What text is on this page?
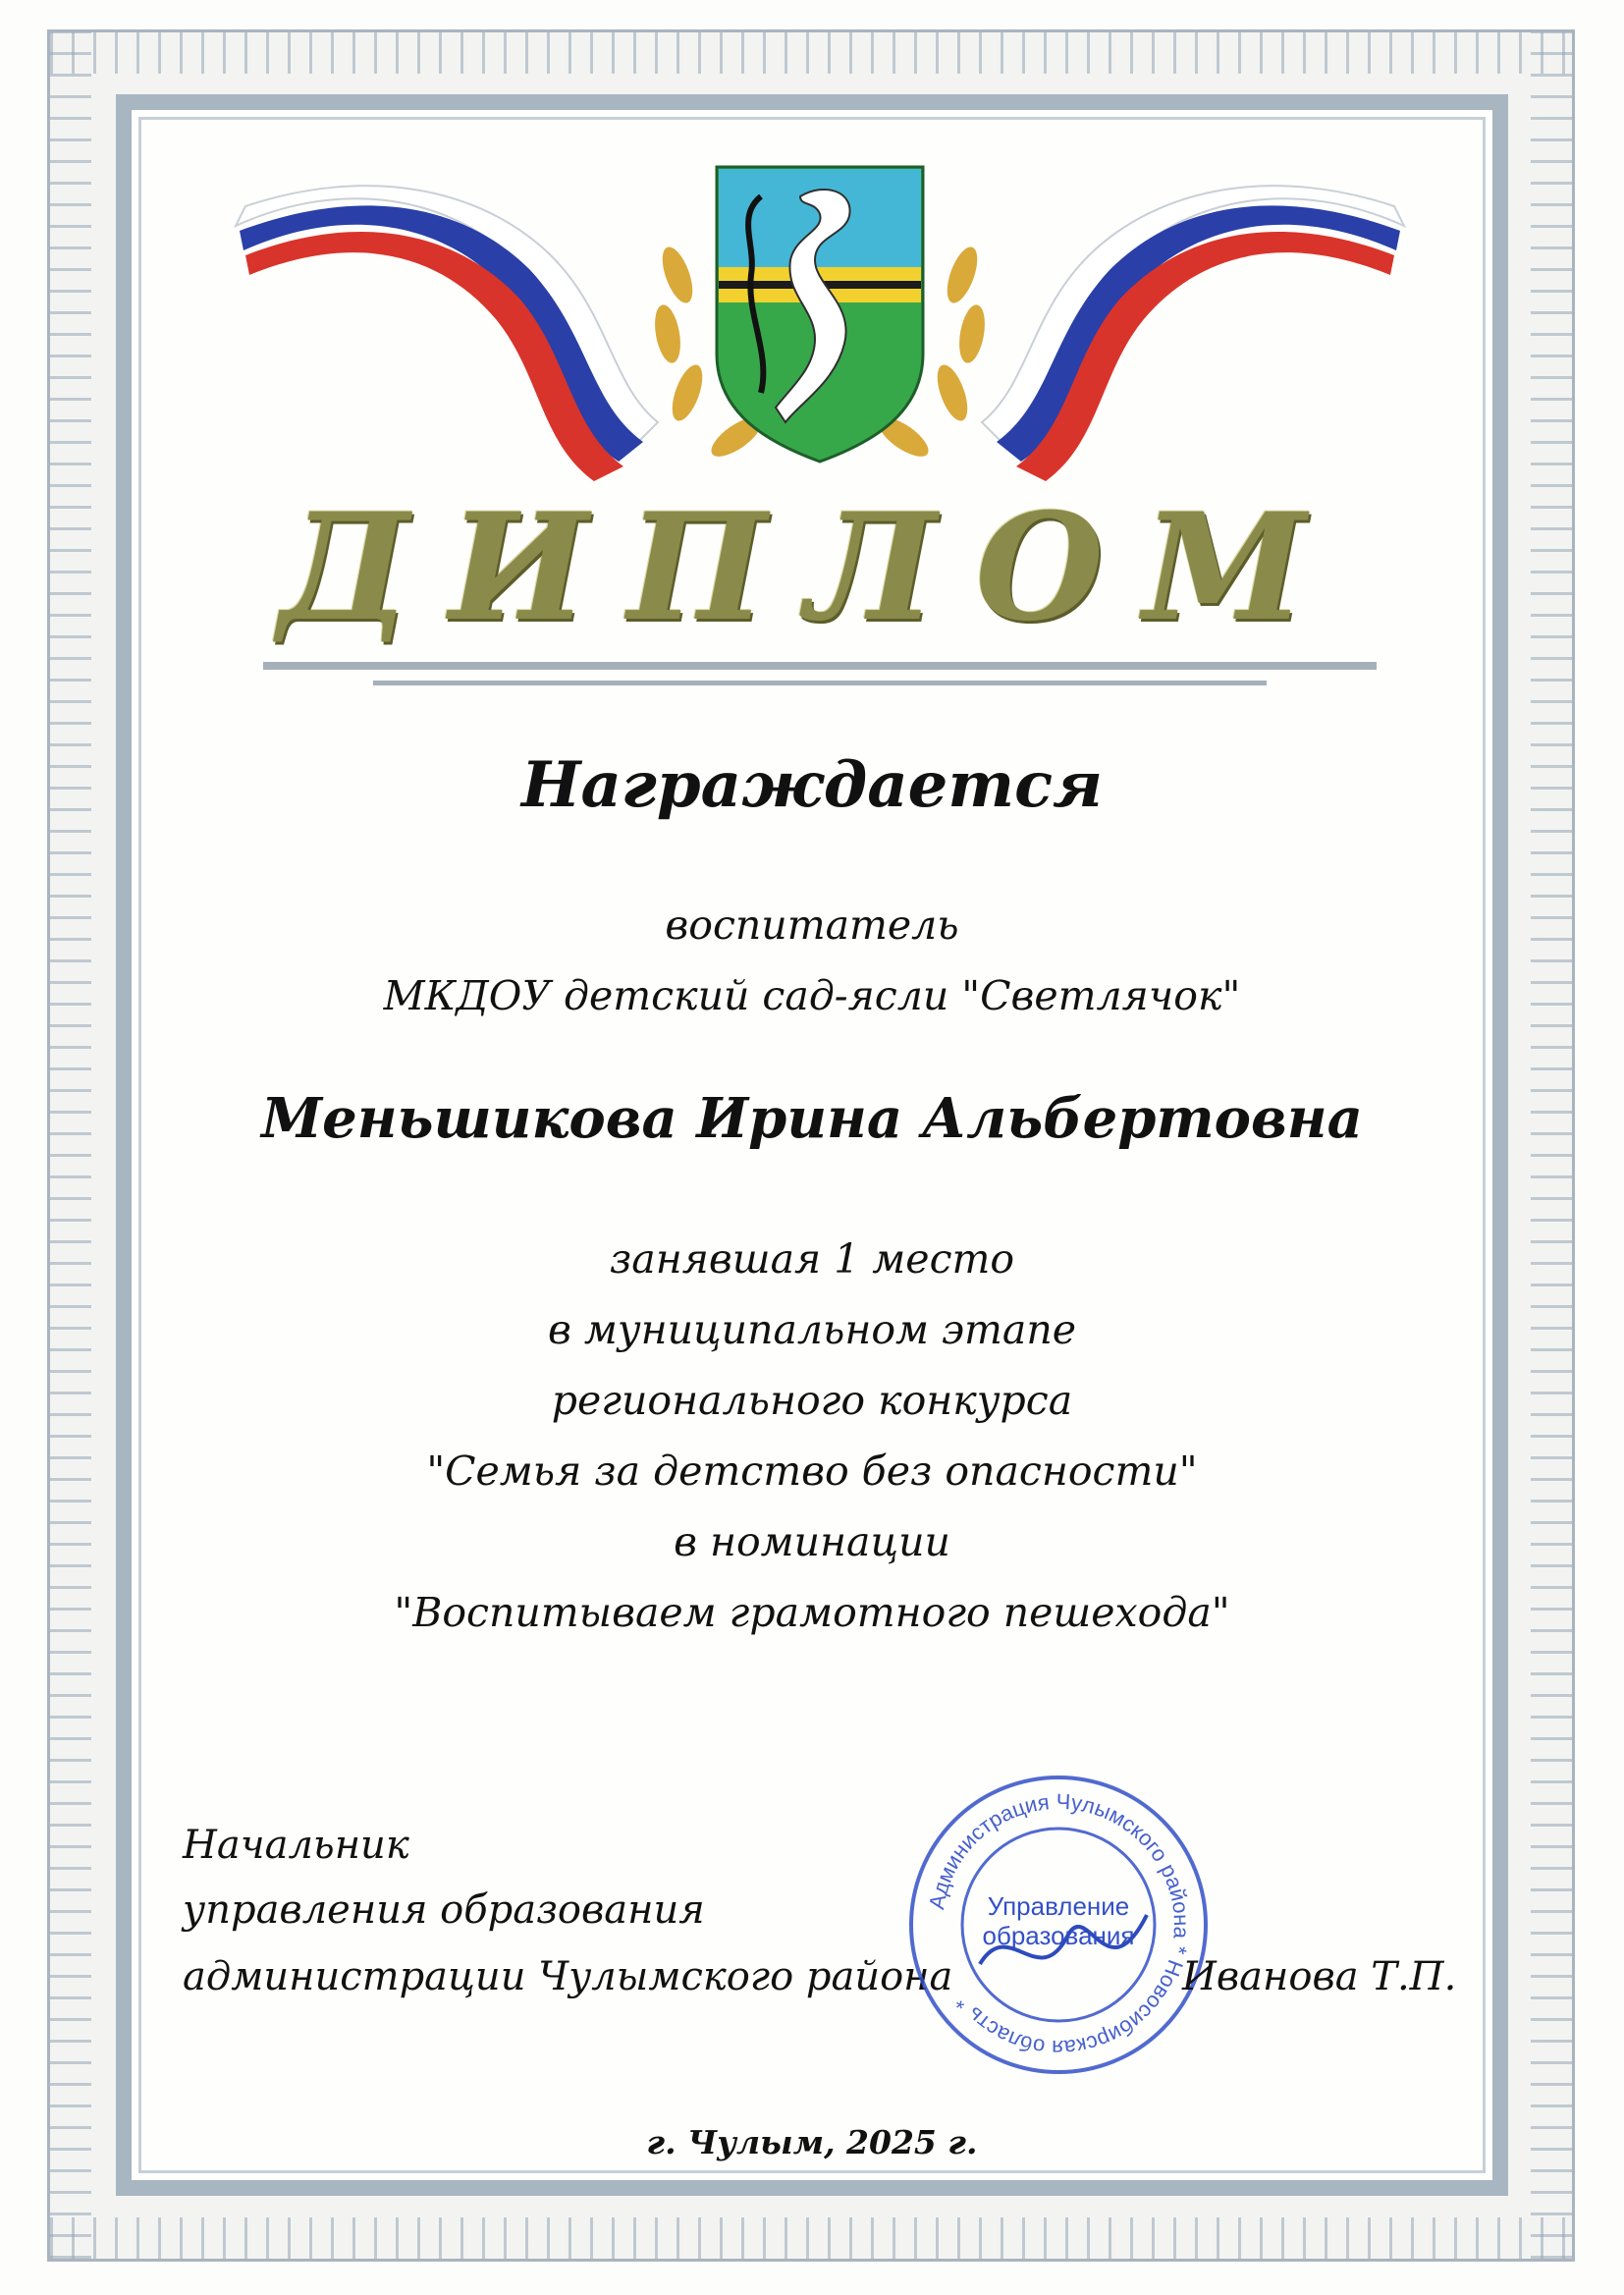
ДИПЛОМ
Награждается
воспитатель
МКДОУ детский сад-ясли "Светлячок"
Меньшикова Ирина Альбертовна
занявшая 1 место
в муниципальном этапе
регионального конкурса
"Семья за детство без опасности"
в номинации
"Воспитываем грамотного пешехода"
Начальник
управления образования
администрации Чулымского района
Администрация Чулымского района * Новосибирская область *
Управление
образования
Иванова Т.П.
г. Чулым, 2025 г.
